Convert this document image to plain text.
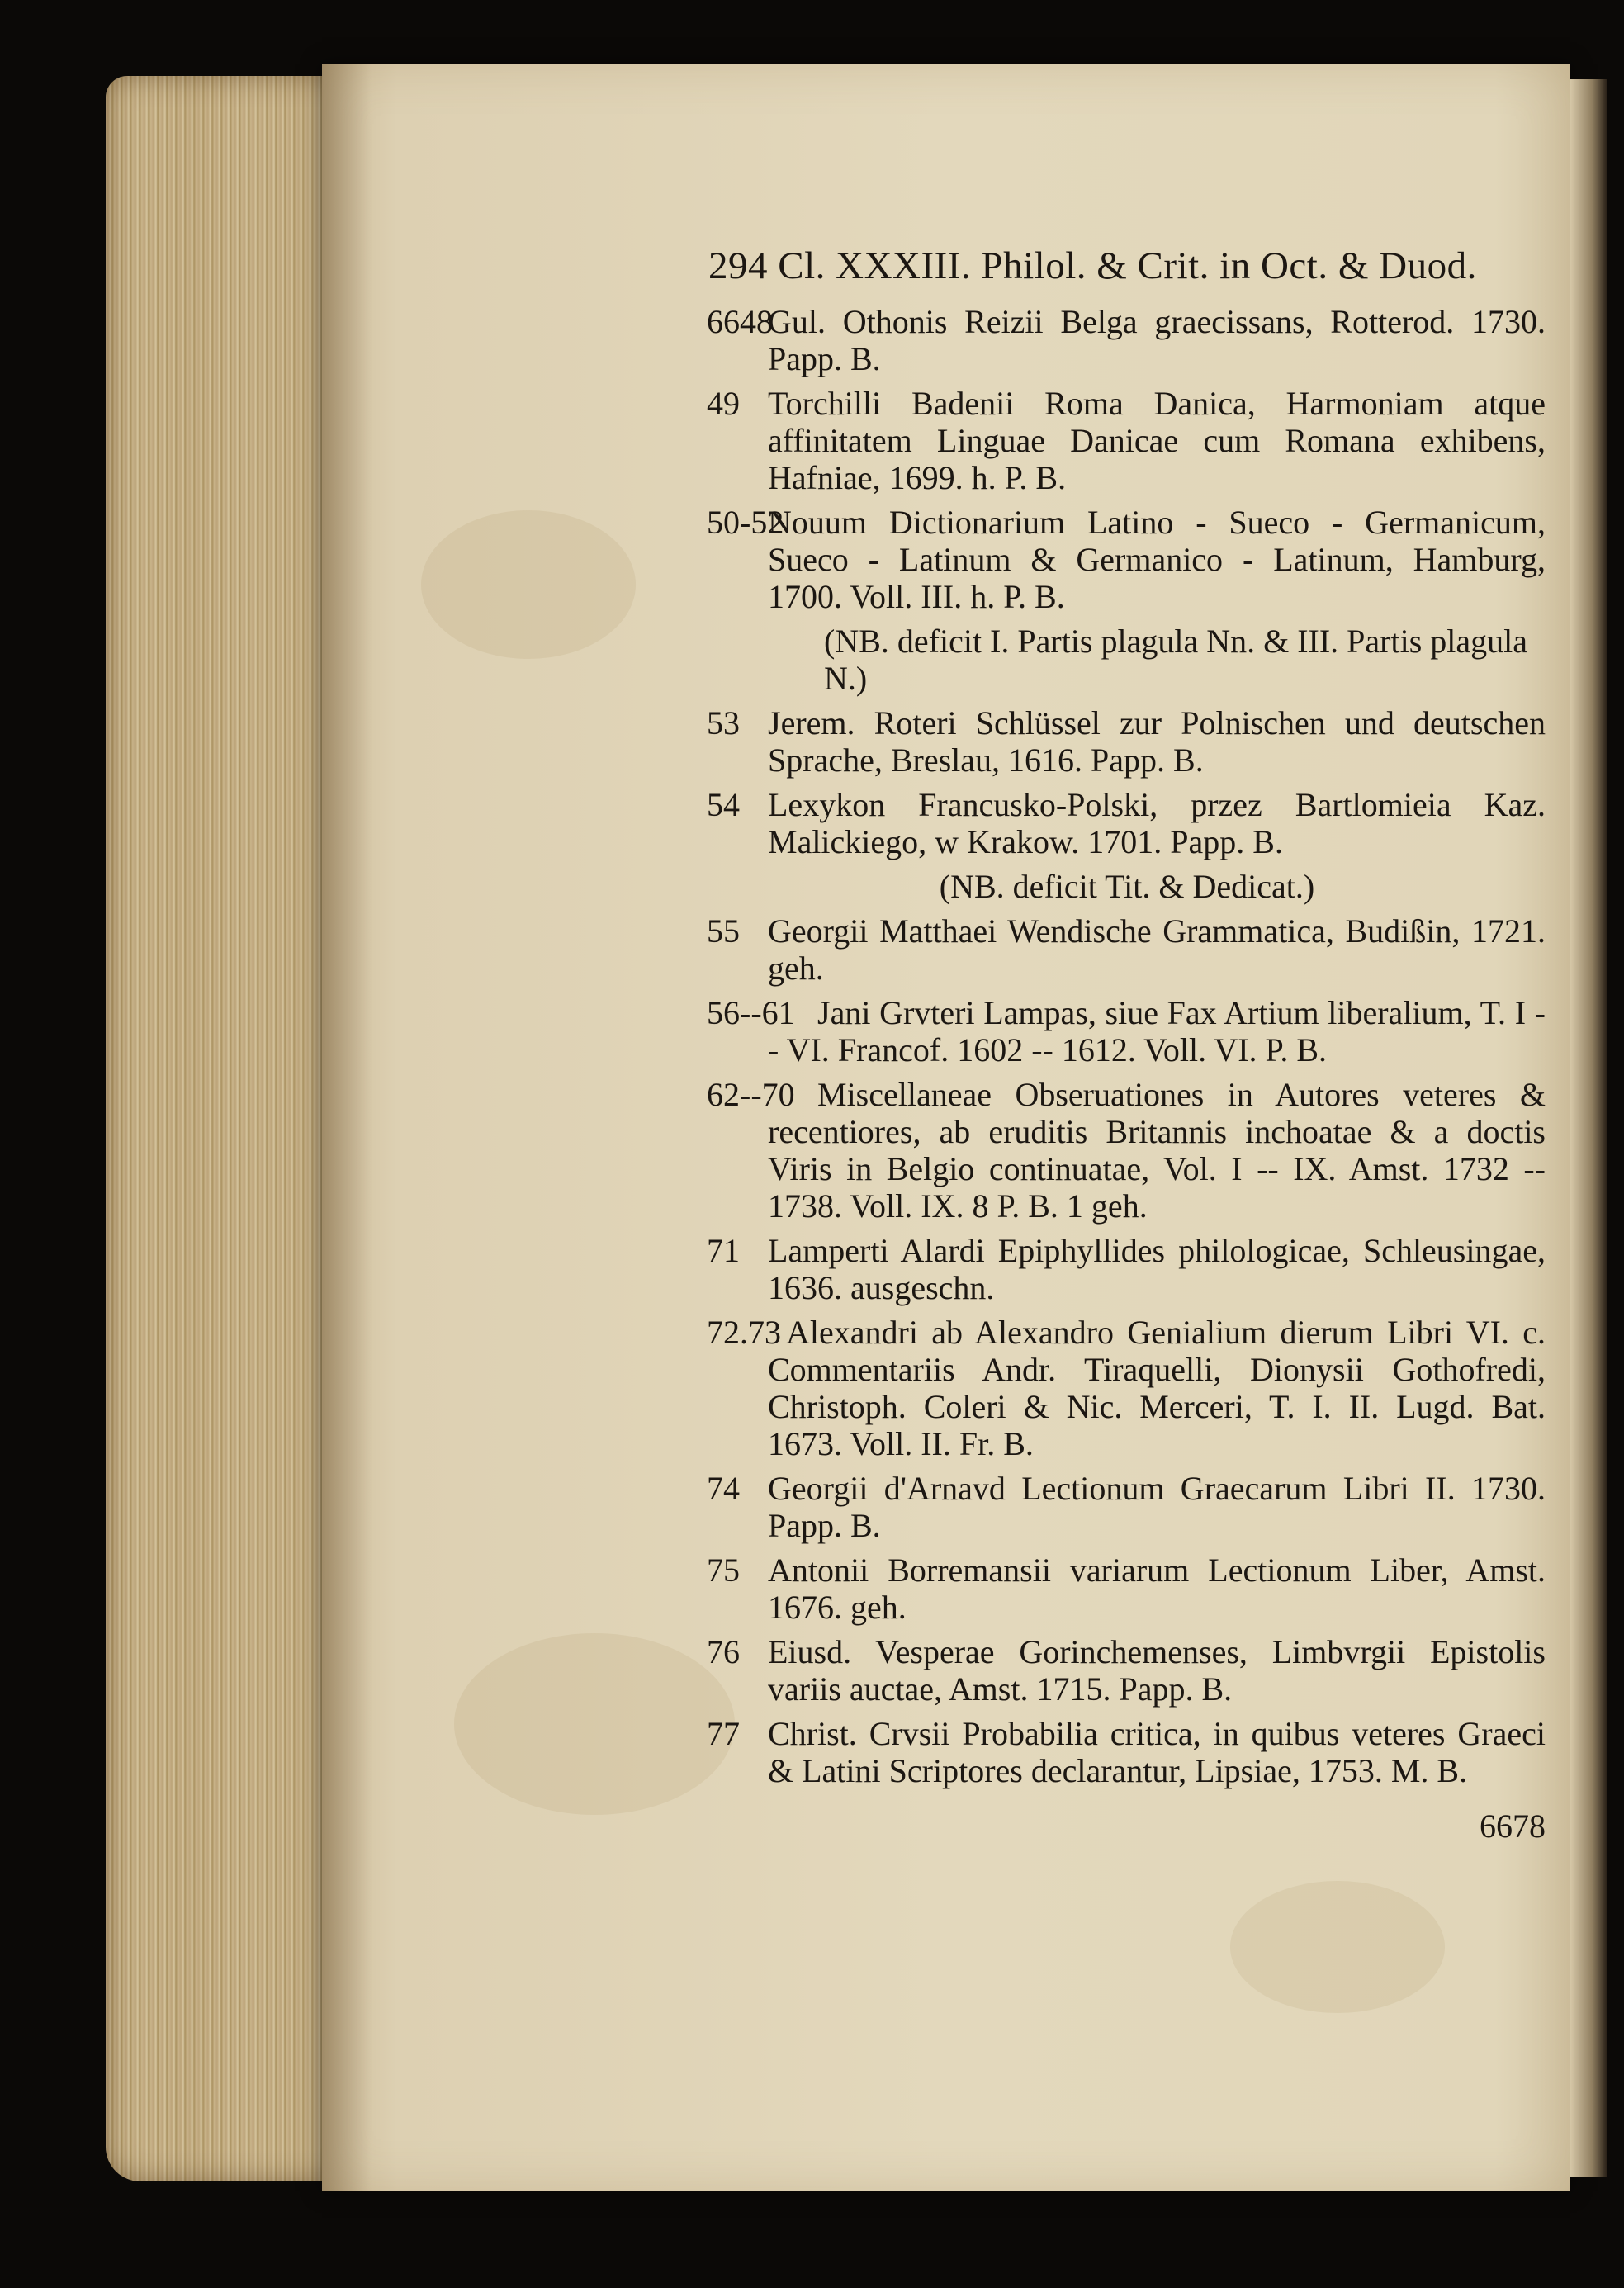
294 Cl. XXXIII. Philol. & Crit. in Oct. & Duod.
6648
Gul. Othonis Reizii Belga graecissans, Rotterod. 1730. Papp. B.
49 Torchilli Badenii Roma Danica, Harmoniam atque affinitatem Linguae Danicae cum Romana exhibens, Hafniae, 1699. h. P. B.
50-52
Nouum Dictionarium Latino - Sueco - Germanicum, Sueco - Latinum & Germanico - Latinum, Hamburg, 1700. Voll. III. h. P. B.
(NB. deficit I. Partis plagula Nn. & III. Partis plagula N.)
53 Jerem. Roteri Schlüssel zur Polnischen und deutschen Sprache, Breslau, 1616. Papp. B.
54 Lexykon Francusko-Polski, przez Bartlomieia Kaz. Malickiego, w Krakow. 1701. Papp. B.
(NB. deficit Tit. & Dedicat.)
55 Georgii Matthaei Wendische Grammatica, Budißin, 1721. geh.
56--61 Jani Grvteri Lampas, siue Fax Artium liberalium, T. I -- VI. Francof. 1602 -- 1612. Voll. VI. P. B.
62--70 Miscellaneae Obseruationes in Autores veteres & recentiores, ab eruditis Britannis inchoatae & a doctis Viris in Belgio continuatae, Vol. I -- IX. Amst. 1732 -- 1738. Voll. IX. 8 P. B. 1 geh.
71 Lamperti Alardi Epiphyllides philologicae, Schleusingae, 1636. ausgeschn.
72.73 Alexandri ab Alexandro Genialium dierum Libri VI. c. Commentariis Andr. Tiraquelli, Dionysii Gothofredi, Christoph. Coleri & Nic. Merceri, T. I. II. Lugd. Bat. 1673. Voll. II. Fr. B.
74 Georgii d'Arnavd Lectionum Graecarum Libri II. 1730. Papp. B.
75 Antonii Borremansii variarum Lectionum Liber, Amst. 1676. geh.
76 Eiusd. Vesperae Gorinchemenses, Limbvrgii Epistolis variis auctae, Amst. 1715. Papp. B.
77 Christ. Crvsii Probabilia critica, in quibus veteres Graeci & Latini Scriptores declarantur, Lipsiae, 1753. M. B.
6678
